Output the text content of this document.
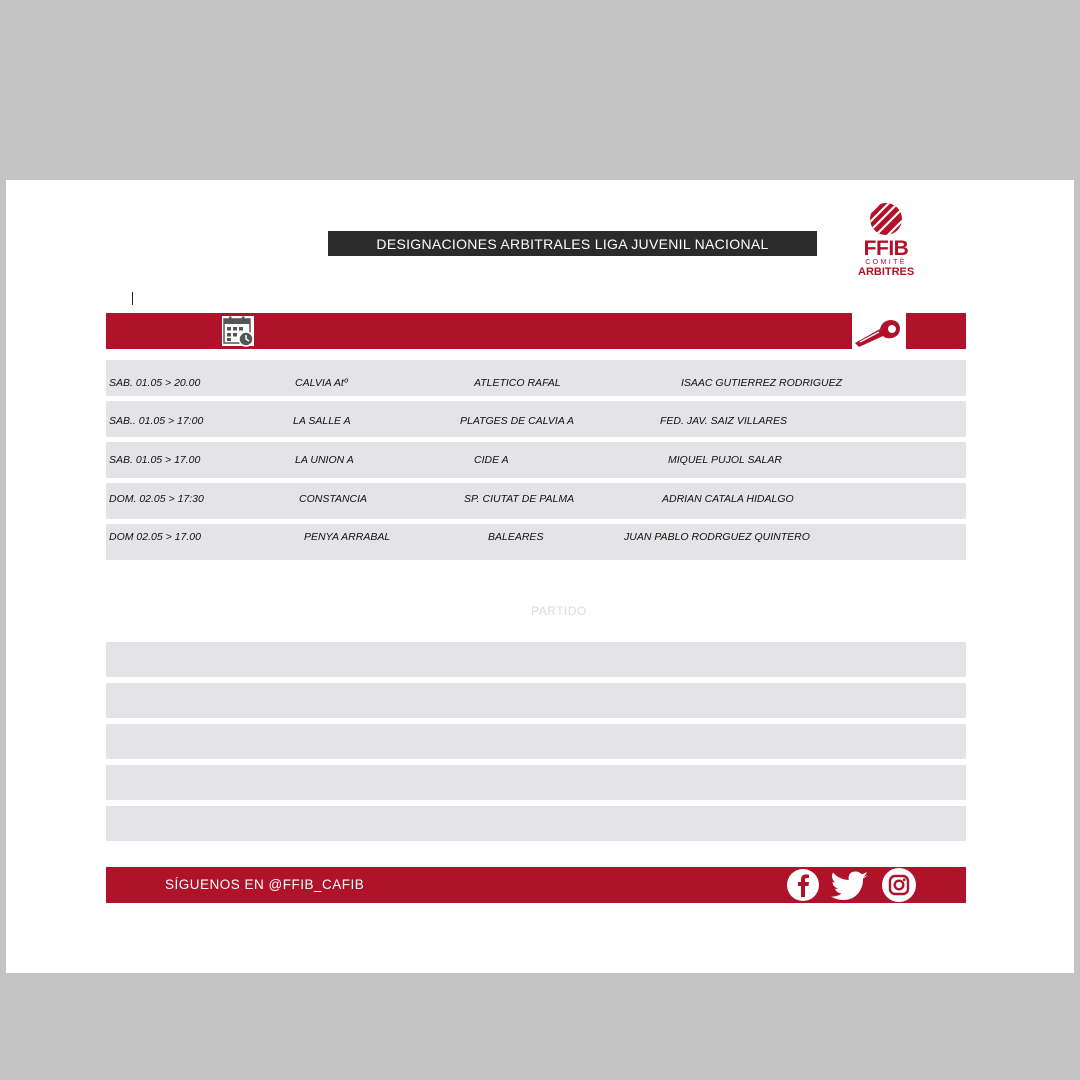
DESIGNACIONES ARBITRALES LIGA JUVENIL NACIONAL	FFIB
COMITÈ
ARBITRES
SAB. 01.05 > 20.00	CALVIA Atº	ATLETICO RAFAL	ISAAC GUTIERREZ RODRIGUEZ
SAB.. 01.05 > 17:00	LA SALLE A	PLATGES DE CALVIA A	FED. JAV. SAIZ VILLARES
SAB. 01.05 > 17.00	LA UNION A	CIDE A	MIQUEL PUJOL SALAR
DOM. 02.05 > 17:30	CONSTANCIA	SP. CIUTAT DE PALMA	ADRIAN CATALA HIDALGO
DOM 02.05 > 17.00	PENYA ARRABAL	BALEARES	JUAN PABLO RODRGUEZ QUINTERO
PARTIDO
SÍGUENOS EN @FFIB_CAFIB
